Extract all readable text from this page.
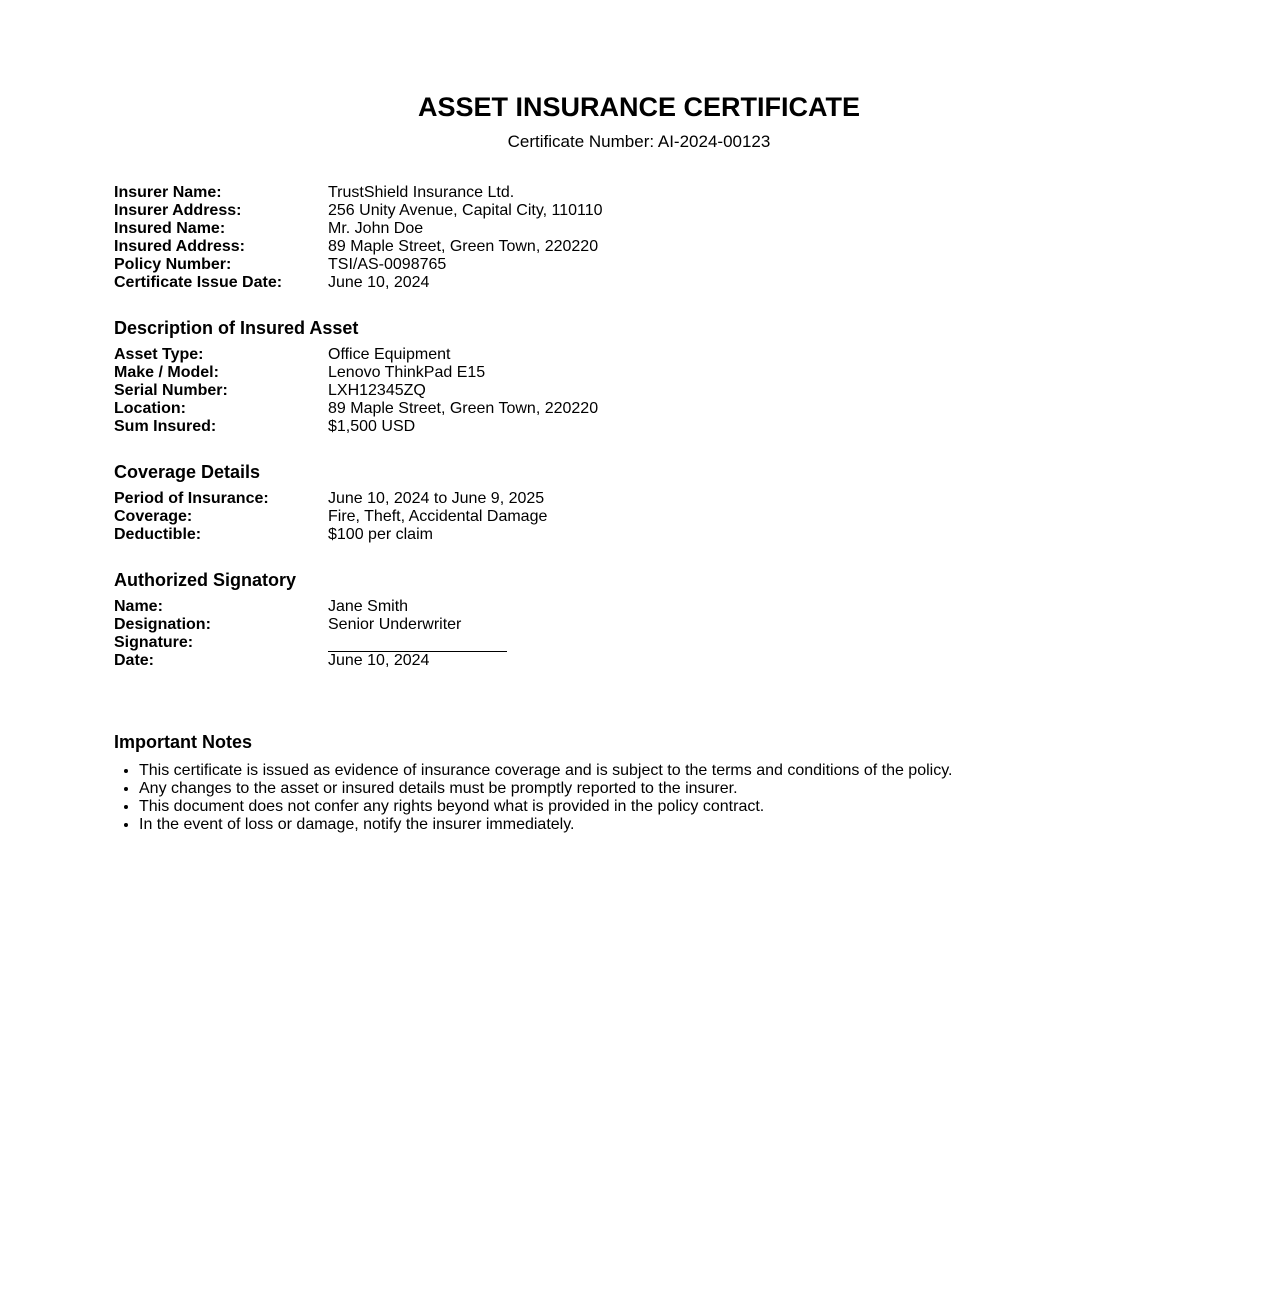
ASSET INSURANCE CERTIFICATE

Certificate Number: AI-2024-00123

Insurer Name:	TrustShield Insurance Ltd.
Insurer Address:	256 Unity Avenue, Capital City, 110110
Insured Name:	Mr. John Doe
Insured Address:	89 Maple Street, Green Town, 220220
Policy Number:	TSI/AS-0098765
Certificate Issue Date:	June 10, 2024
Description of Insured Asset
Asset Type:	Office Equipment
Make / Model:	Lenovo ThinkPad E15
Serial Number:	LXH12345ZQ
Location:	89 Maple Street, Green Town, 220220
Sum Insured:	$1,500 USD
Coverage Details
Period of Insurance:	June 10, 2024 to June 9, 2025
Coverage:	Fire, Theft, Accidental Damage
Deductible:	$100 per claim
Authorized Signatory
Name:	Jane Smith
Designation:	Senior Underwriter
Signature:
Date:	June 10, 2024
Important Notes
• This certificate is issued as evidence of insurance coverage and is subject to the terms and conditions of the policy.
• Any changes to the asset or insured details must be promptly reported to the insurer.
• This document does not confer any rights beyond what is provided in the policy contract.
• In the event of loss or damage, notify the insurer immediately.
